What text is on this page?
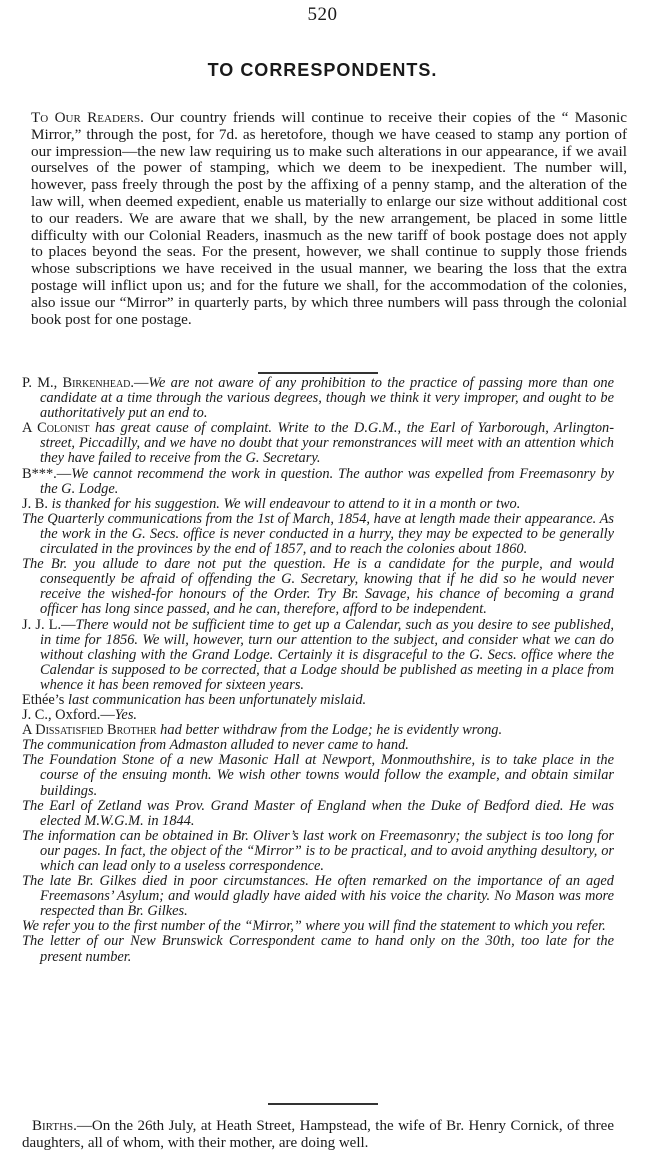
520
TO CORRESPONDENTS.
To Our Readers. Our country friends will continue to receive their copies of the “ Masonic Mirror,” through the post, for 7d. as heretofore, though we have ceased to stamp any portion of our impression—the new law requiring us to make such alterations in our appearance, if we avail ourselves of the power of stamping, which we deem to be inexpedient. The number will, however, pass freely through the post by the affixing of a penny stamp, and the alteration of the law will, when deemed expedient, enable us materially to enlarge our size without additional cost to our readers. We are aware that we shall, by the new arrangement, be placed in some little difficulty with our Colonial Readers, inasmuch as the new tariff of book postage does not apply to places beyond the seas. For the present, however, we shall continue to supply those friends whose subscriptions we have received in the usual manner, we bearing the loss that the extra postage will inflict upon us; and for the future we shall, for the accommodation of the colonies, also issue our “Mirror” in quarterly parts, by which three numbers will pass through the colonial book post for one postage.

P. M., Birkenhead.—We are not aware of any prohibition to the practice of passing more than one candidate at a time through the various degrees, though we think it very improper, and ought to be authoritatively put an end to.

A Colonist has great cause of complaint. Write to the D.G.M., the Earl of Yarborough, Arlington-street, Piccadilly, and we have no doubt that your remonstrances will meet with an attention which they have failed to receive from the G. Secretary.

B***.—We cannot recommend the work in question. The author was expelled from Freemasonry by the G. Lodge.

J. B. is thanked for his suggestion. We will endeavour to attend to it in a month or two.

The Quarterly communications from the 1st of March, 1854, have at length made their appearance. As the work in the G. Secs. office is never conducted in a hurry, they may be expected to be generally circulated in the provinces by the end of 1857, and to reach the colonies about 1860.

The Br. you allude to dare not put the question. He is a candidate for the purple, and would consequently be afraid of offending the G. Secretary, knowing that if he did so he would never receive the wished-for honours of the Order. Try Br. Savage, his chance of becoming a grand officer has long since passed, and he can, therefore, afford to be independent.

J. J. L.—There would not be sufficient time to get up a Calendar, such as you desire to see published, in time for 1856. We will, however, turn our attention to the subject, and consider what we can do without clashing with the Grand Lodge. Certainly it is disgraceful to the G. Secs. office where the Calendar is supposed to be corrected, that a Lodge should be published as meeting in a place from whence it has been removed for sixteen years.

Ethée’s last communication has been unfortunately mislaid.

J. C., Oxford.—Yes.

A Dissatisfied Brother had better withdraw from the Lodge; he is evidently wrong.

The communication from Admaston alluded to never came to hand.

The Foundation Stone of a new Masonic Hall at Newport, Monmouthshire, is to take place in the course of the ensuing month. We wish other towns would follow the example, and obtain similar buildings.

The Earl of Zetland was Prov. Grand Master of England when the Duke of Bedford died. He was elected M.W.G.M. in 1844.

The information can be obtained in Br. Oliver’s last work on Freemasonry; the subject is too long for our pages. In fact, the object of the “Mirror” is to be practical, and to avoid anything desultory, or which can lead only to a useless correspondence.

The late Br. Gilkes died in poor circumstances. He often remarked on the importance of an aged Freemasons’ Asylum; and would gladly have aided with his voice the charity. No Mason was more respected than Br. Gilkes.

We refer you to the first number of the “Mirror,” where you will find the statement to which you refer.

The letter of our New Brunswick Correspondent came to hand only on the 30th, too late for the present number.

Births.—On the 26th July, at Heath Street, Hampstead, the wife of Br. Henry Cornick, of three daughters, all of whom, with their mother, are doing well.
